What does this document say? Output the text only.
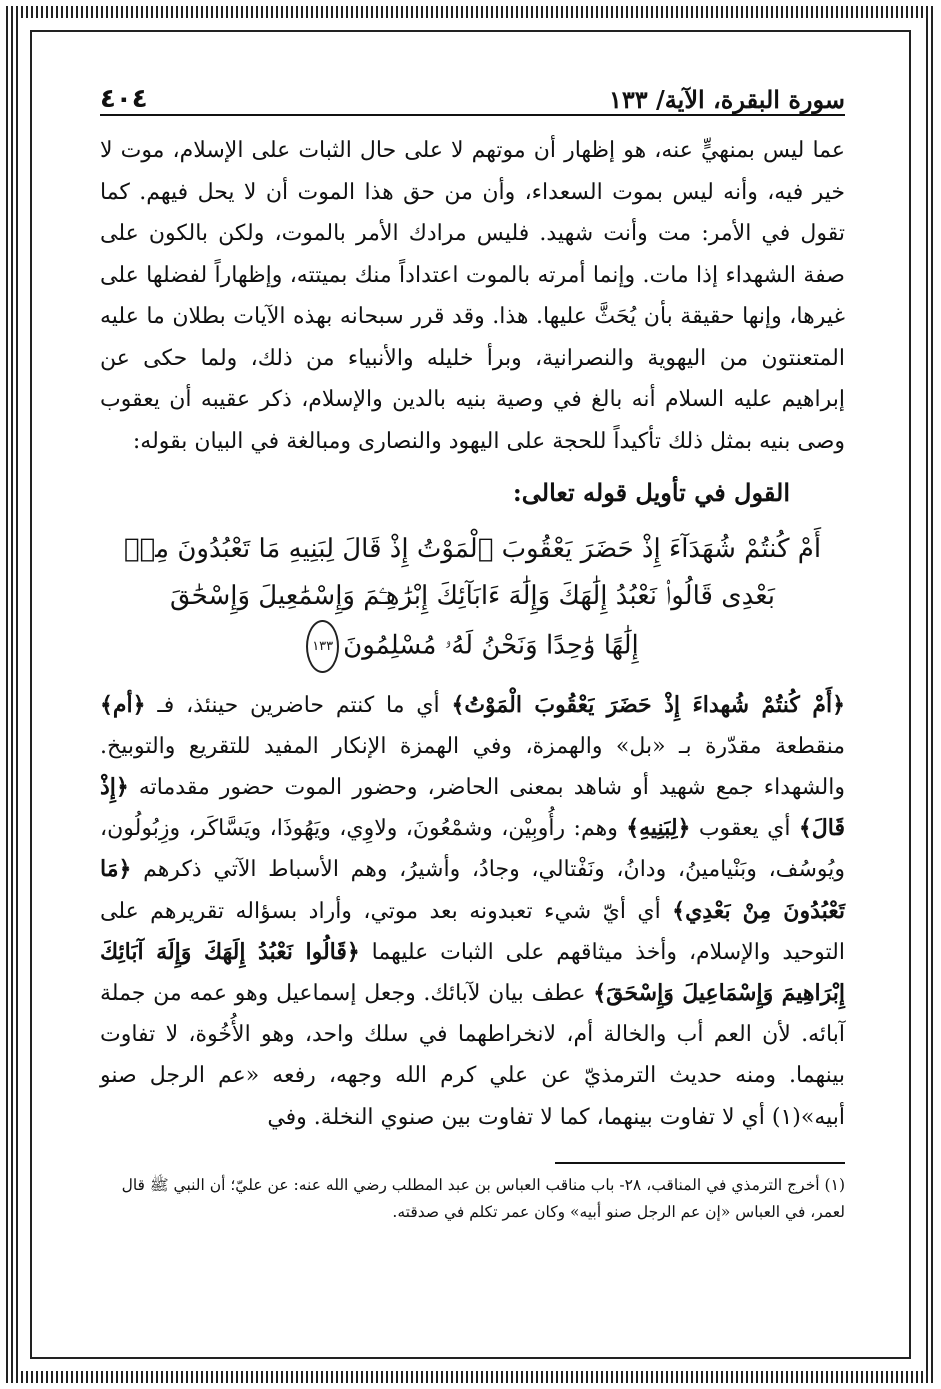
سورة البقرة، الآية/ ١٣٣
٤٠٤

عما ليس بمنهيٍّ عنه، هو إظهار أن موتهم لا على حال الثبات على الإسلام، موت لا خير فيه، وأنه ليس بموت السعداء، وأن من حق هذا الموت أن لا يحل فيهم. كما تقول في الأمر: مت وأنت شهيد. فليس مرادك الأمر بالموت، ولكن بالكون على صفة الشهداء إذا مات. وإنما أمرته بالموت اعتداداً منك بميتته، وإظهاراً لفضلها على غيرها، وإنها حقيقة بأن يُحَثَّ عليها. هذا. وقد قرر سبحانه بهذه الآيات بطلان ما عليه المتعنتون من اليهوية والنصرانية، وبرأ خليله والأنبياء من ذلك، ولما حكى عن إبراهيم عليه السلام أنه بالغ في وصية بنيه بالدين والإسلام، ذكر عقيبه أن يعقوب وصى بنيه بمثل ذلك تأكيداً للحجة على اليهود والنصارى ومبالغة في البيان بقوله:

القول في تأويل قوله تعالى:
أَمْ كُنتُمْ شُهَدَآءَ إِذْ حَضَرَ يَعْقُوبَ ٱلْمَوْتُ إِذْ قَالَ لِبَنِيهِ مَا تَعْبُدُونَ مِنۢ
بَعْدِى قَالُوا۟ نَعْبُدُ إِلَٰهَكَ وَإِلَٰهَ ءَابَآئِكَ إِبْرَٰهِـۧمَ وَإِسْمَٰعِيلَ وَإِسْحَٰقَ
إِلَٰهًا وَٰحِدًا وَنَحْنُ لَهُۥ مُسْلِمُونَ١٣٣

﴿أَمْ كُنتُمْ شُهداءَ إِذْ حَضَرَ يَعْقُوبَ الْمَوْتُ﴾ أي ما كنتم حاضرين حينئذ، فـ ﴿أم﴾ منقطعة مقدّرة بـ «بل» والهمزة، وفي الهمزة الإنكار المفيد للتقريع والتوبيخ. والشهداء جمع شهيد أو شاهد بمعنى الحاضر، وحضور الموت حضور مقدماته ﴿إِذْ قَالَ﴾ أي يعقوب ﴿لِبَنِيهِ﴾ وهم: رأُوبِيْن، وشمْعُونَ، ولاوِي، ويَهُوذَا، ويَسَّاكَر، وزِبُولُون، ويُوسُف، وبَنْيامينُ، ودانُ، ونَفْتالي، وجادُ، وأشيرُ، وهم الأسباط الآتي ذكرهم ﴿مَا تَعْبُدُونَ مِنْ بَعْدِي﴾ أي أيّ شيء تعبدونه بعد موتي، وأراد بسؤاله تقريرهم على التوحيد والإسلام، وأخذ ميثاقهم على الثبات عليهما ﴿قَالُوا نَعْبُدُ إِلَهَكَ وَإِلَهَ آبَائِكَ إِبْرَاهِيمَ وَإِسْمَاعِيلَ وَإِسْحَقَ﴾ عطف بيان لآبائك. وجعل إسماعيل وهو عمه من جملة آبائه. لأن العم أب والخالة أم، لانخراطهما في سلك واحد، وهو الأُخُوة، لا تفاوت بينهما. ومنه حديث الترمذيّ عن علي كرم الله وجهه، رفعه «عم الرجل صنو أبيه»(١) أي لا تفاوت بينهما، كما لا تفاوت بين صنوي النخلة. وفي

(١) أخرج الترمذي في المناقب، ٢٨- باب مناقب العباس بن عبد المطلب رضي الله عنه: عن عليّ؛ أن النبي ﷺ قال لعمر، في العباس «إن عم الرجل صنو أبيه» وكان عمر تكلم في صدقته.
